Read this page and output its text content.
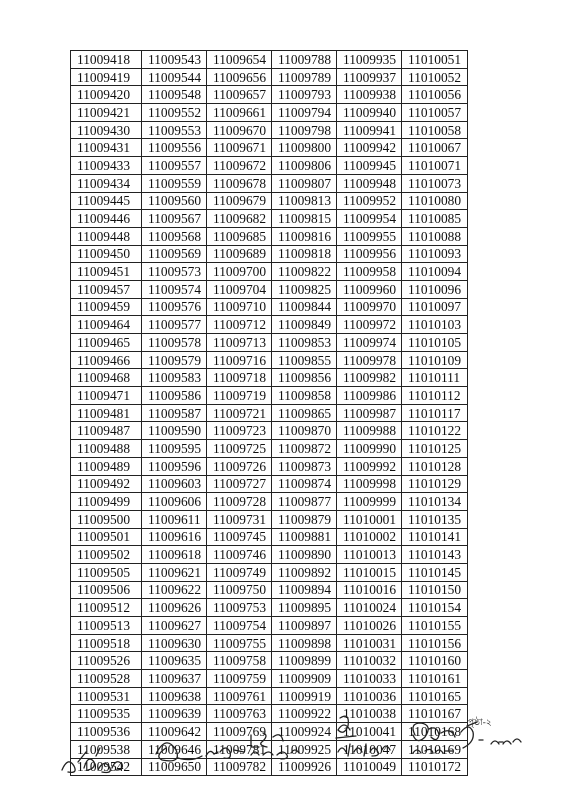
11009418	11009543	11009654	11009788	11009935	11010051
11009419	11009544	11009656	11009789	11009937	11010052
11009420	11009548	11009657	11009793	11009938	11010056
11009421	11009552	11009661	11009794	11009940	11010057
11009430	11009553	11009670	11009798	11009941	11010058
11009431	11009556	11009671	11009800	11009942	11010067
11009433	11009557	11009672	11009806	11009945	11010071
11009434	11009559	11009678	11009807	11009948	11010073
11009445	11009560	11009679	11009813	11009952	11010080
11009446	11009567	11009682	11009815	11009954	11010085
11009448	11009568	11009685	11009816	11009955	11010088
11009450	11009569	11009689	11009818	11009956	11010093
11009451	11009573	11009700	11009822	11009958	11010094
11009457	11009574	11009704	11009825	11009960	11010096
11009459	11009576	11009710	11009844	11009970	11010097
11009464	11009577	11009712	11009849	11009972	11010103
11009465	11009578	11009713	11009853	11009974	11010105
11009466	11009579	11009716	11009855	11009978	11010109
11009468	11009583	11009718	11009856	11009982	11010111
11009471	11009586	11009719	11009858	11009986	11010112
11009481	11009587	11009721	11009865	11009987	11010117
11009487	11009590	11009723	11009870	11009988	11010122
11009488	11009595	11009725	11009872	11009990	11010125
11009489	11009596	11009726	11009873	11009992	11010128
11009492	11009603	11009727	11009874	11009998	11010129
11009499	11009606	11009728	11009877	11009999	11010134
11009500	11009611	11009731	11009879	11010001	11010135
11009501	11009616	11009745	11009881	11010002	11010141
11009502	11009618	11009746	11009890	11010013	11010143
11009505	11009621	11009749	11009892	11010015	11010145
11009506	11009622	11009750	11009894	11010016	11010150
11009512	11009626	11009753	11009895	11010024	11010154
11009513	11009627	11009754	11009897	11010026	11010155
11009518	11009630	11009755	11009898	11010031	11010156
11009526	11009635	11009758	11009899	11010032	11010160
11009528	11009637	11009759	11009909	11010033	11010161
11009531	11009638	11009761	11009919	11010036	11010165
11009535	11009639	11009763	11009922	11010038	11010167
11009536	11009642	11009769	11009924	11010041	11010168
11009538	11009646	11009781	11009925	11010047	11010169
11009542	11009650	11009782	11009926	11010049	11010172
পৃষ্ঠা-২
